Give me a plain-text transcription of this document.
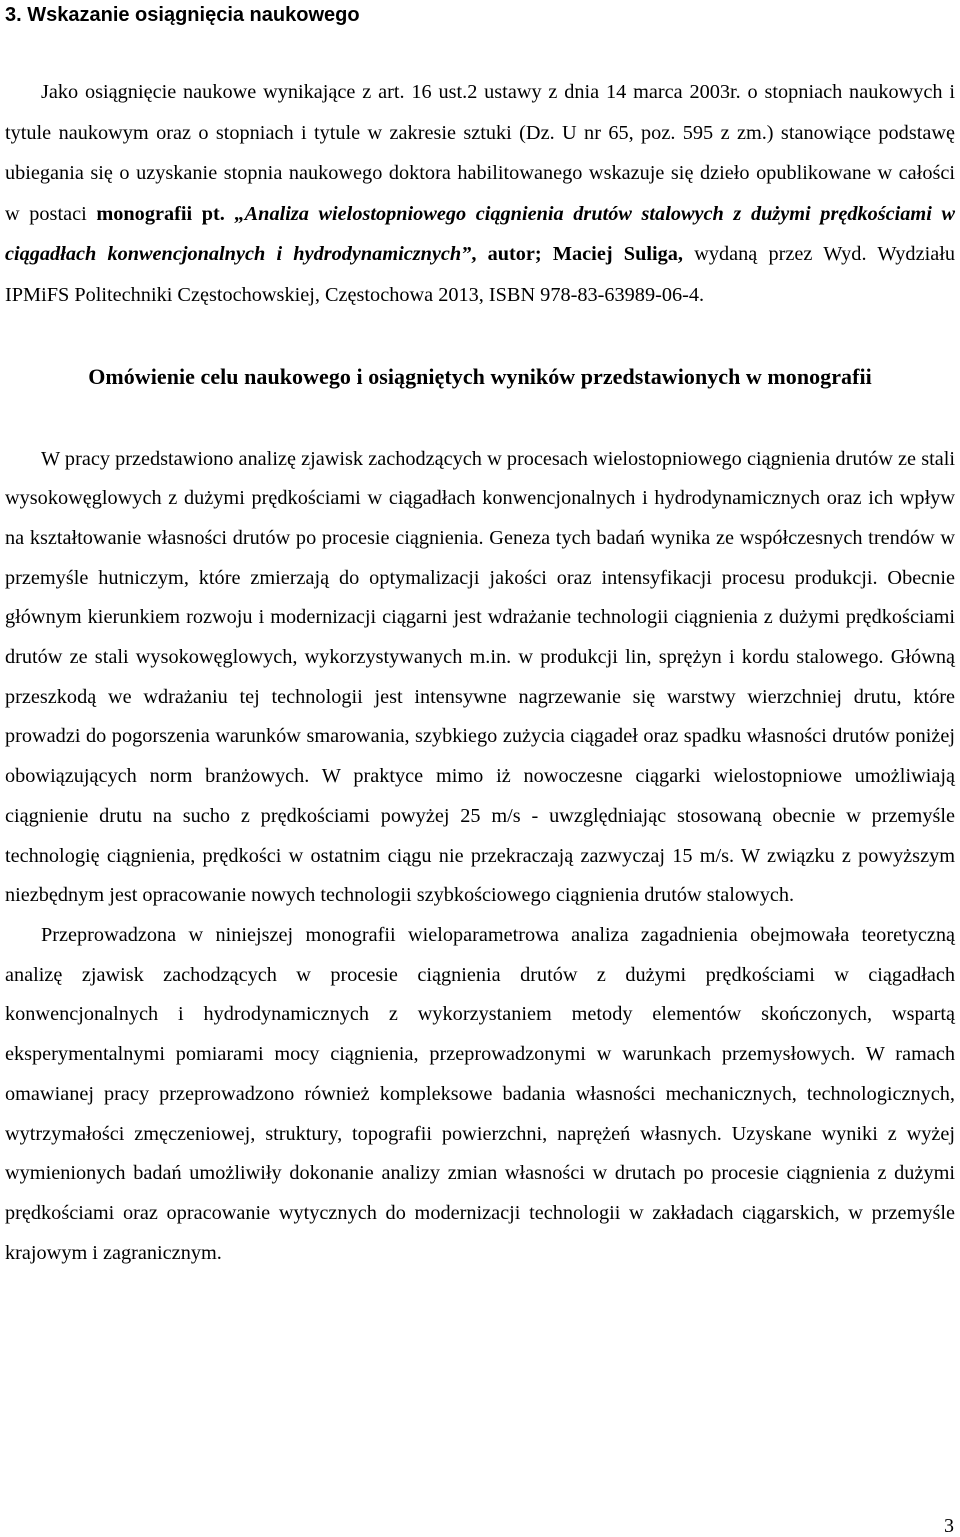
3. Wskazanie osiągnięcia naukowego

Jako osiągnięcie naukowe wynikające z art. 16 ust.2 ustawy z dnia 14 marca 2003r. o stopniach naukowych i tytule naukowym oraz o stopniach i tytule w zakresie sztuki (Dz. U nr 65, poz. 595 z zm.) stanowiące podstawę ubiegania się o uzyskanie stopnia naukowego doktora habilitowanego wskazuje się dzieło opublikowane w całości w postaci monografii pt. „Analiza wielostopniowego ciągnienia drutów stalowych z dużymi prędkościami w ciągadłach konwencjonalnych i hydrodynamicznych”, autor; Maciej Suliga, wydaną przez Wyd. Wydziału IPMiFS Politechniki Częstochowskiej, Częstochowa 2013, ISBN 978-83-63989-06-4.

Omówienie celu naukowego i osiągniętych wyników przedstawionych w monografii

W pracy przedstawiono analizę zjawisk zachodzących w procesach wielostopniowego ciągnienia drutów ze stali wysokowęglowych z dużymi prędkościami w ciągadłach konwencjonalnych i hydrodynamicznych oraz ich wpływ na kształtowanie własności drutów po procesie ciągnienia. Geneza tych badań wynika ze współczesnych trendów w przemyśle hutniczym, które zmierzają do optymalizacji jakości oraz intensyfikacji procesu produkcji. Obecnie głównym kierunkiem rozwoju i modernizacji ciągarni jest wdrażanie technologii ciągnienia z dużymi prędkościami drutów ze stali wysokowęglowych, wykorzystywanych m.in. w produkcji lin, sprężyn i kordu stalowego. Główną przeszkodą we wdrażaniu tej technologii jest intensywne nagrzewanie się warstwy wierzchniej drutu, które prowadzi do pogorszenia warunków smarowania, szybkiego zużycia ciągadeł oraz spadku własności drutów poniżej obowiązujących norm branżowych. W praktyce mimo iż nowoczesne ciągarki wielostopniowe umożliwiają ciągnienie drutu na sucho z prędkościami powyżej 25 m/s - uwzględniając stosowaną obecnie w przemyśle technologię ciągnienia, prędkości w ostatnim ciągu nie przekraczają zazwyczaj 15 m/s. W związku z powyższym niezbędnym jest opracowanie nowych technologii szybkościowego ciągnienia drutów stalowych.

Przeprowadzona w niniejszej monografii wieloparametrowa analiza zagadnienia obejmowała teoretyczną analizę zjawisk zachodzących w procesie ciągnienia drutów z dużymi prędkościami w ciągadłach konwencjonalnych i hydrodynamicznych z wykorzystaniem metody elementów skończonych, wspartą eksperymentalnymi pomiarami mocy ciągnienia, przeprowadzonymi w warunkach przemysłowych. W ramach omawianej pracy przeprowadzono również kompleksowe badania własności mechanicznych, technologicznych, wytrzymałości zmęczeniowej, struktury, topografii powierzchni, naprężeń własnych. Uzyskane wyniki z wyżej wymienionych badań umożliwiły dokonanie analizy zmian własności w drutach po procesie ciągnienia z dużymi prędkościami oraz opracowanie wytycznych do modernizacji technologii w zakładach ciągarskich, w przemyśle krajowym i zagranicznym.

3
